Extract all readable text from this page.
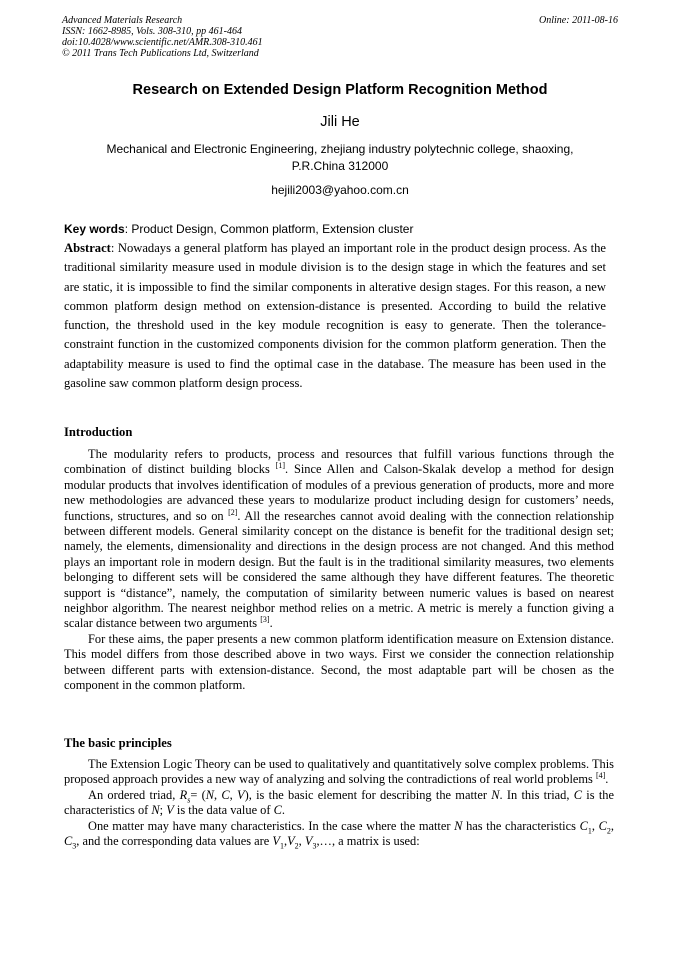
Advanced Materials Research
ISSN: 1662-8985, Vols. 308-310, pp 461-464
doi:10.4028/www.scientific.net/AMR.308-310.461
© 2011 Trans Tech Publications Ltd, Switzerland
Online: 2011-08-16
Research on Extended Design Platform Recognition Method
Jili He
Mechanical and Electronic Engineering, zhejiang industry polytechnic college, shaoxing,
P.R.China 312000
hejili2003@yahoo.com.cn
Key words: Product Design, Common platform, Extension cluster
Abstract: Nowadays a general platform has played an important role in the product design process. As the traditional similarity measure used in module division is to the design stage in which the features and set are static, it is impossible to find the similar components in alterative design stages. For this reason, a new common platform design method on extension-distance is presented. According to build the relative function, the threshold used in the key module recognition is easy to generate. Then the tolerance-constraint function in the customized components division for the common platform generation. Then the adaptability measure is used to find the optimal case in the database. The measure has been used in the gasoline saw common platform design process.
Introduction

The modularity refers to products, process and resources that fulfill various functions through the combination of distinct building blocks [1]. Since Allen and Calson-Skalak develop a method for design modular products that involves identification of modules of a previous generation of products, more and more new methodologies are advanced these years to modularize product including design for customers’ needs, functions, structures, and so on [2]. All the researches cannot avoid dealing with the connection relationship between different models. General similarity concept on the distance is benefit for the traditional design set; namely, the elements, dimensionality and directions in the design process are not changed. And this method plays an important role in modern design. But the fault is in the traditional similarity measures, two elements belonging to different sets will be considered the same although they have different features. The theoretic support is “distance”, namely, the computation of similarity between numeric values is based on nearest neighbor algorithm. The nearest neighbor method relies on a metric. A metric is merely a function giving a scalar distance between two arguments [3].

For these aims, the paper presents a new common platform identification measure on Extension distance. This model differs from those described above in two ways. First we consider the connection relationship between different parts with extension-distance. Second, the most adaptable part will be chosen as the component in the common platform.

The basic principles

The Extension Logic Theory can be used to qualitatively and quantitatively solve complex problems. This proposed approach provides a new way of analyzing and solving the contradictions of real world problems [4].

An ordered triad, $R_s= (N$, C, V), is the basic element for describing the matter N. In this triad, C is the characteristics of N; V is the data value of C.

One matter may have many characteristics. In the case where the matter N has the characteristics $C_1$, $C_2$, $C_3$, and the corresponding data values are $V_1,V_2$, $V_3,\dots$, a matrix is used:
